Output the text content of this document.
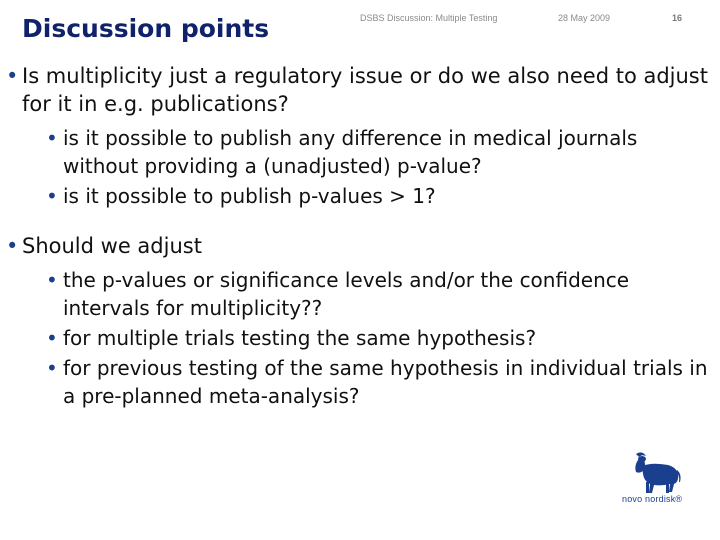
Discussion points	DSBS Discussion: Multiple Testing	28 May 2009	16

• Is multiplicity just a regulatory issue or do we also need to adjust for it in e.g. publications?

• is it possible to publish any difference in medical journals without providing a (unadjusted) p-value?

• is it possible to publish p-values > 1?

• Should we adjust

• the p-values or significance levels and/or the confidence intervals for multiplicity??

• for multiple trials testing the same hypothesis?

• for previous testing of the same hypothesis in individual trials in a pre-planned meta-analysis?

novo nordisk®
